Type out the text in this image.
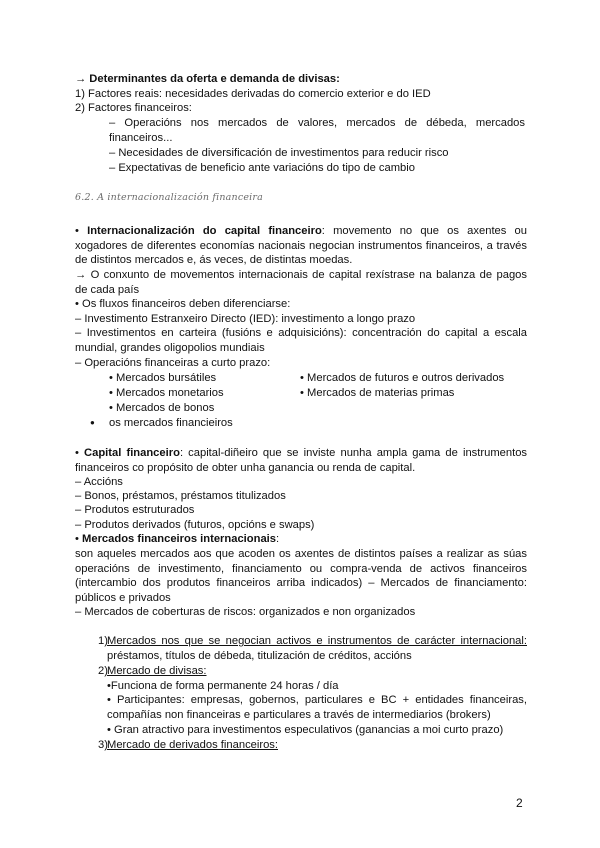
→ Determinantes da oferta e demanda de divisas:
1) Factores reais: necesidades derivadas do comercio exterior e do IED
2) Factores financeiros:
– Operacións nos mercados de valores, mercados de débeda, mercados financeiros...
– Necesidades de diversificación de investimentos para reducir risco
– Expectativas de beneficio ante variacións do tipo de cambio
6.2. A internacionalización financeira
• Internacionalización do capital financeiro: movemento no que os axentes ou xogadores de diferentes economías nacionais negocian instrumentos financeiros, a través de distintos mercados e, ás veces, de distintas moedas.
→ O conxunto de movementos internacionais de capital rexístrase na balanza de pagos de cada país
• Os fluxos financeiros deben diferenciarse:
– Investimento Estranxeiro Directo (IED): investimento a longo prazo
– Investimentos en carteira (fusións e adquisicións): concentración do capital a escala mundial, grandes oligopolios mundiais
– Operacións financeiras a curto prazo:
• Mercados bursátiles
• Mercados monetarios
• Mercados de bonos
• Mercados de futuros e outros derivados
• Mercados de materias primas
● os mercados financieiros
• Capital financeiro: capital-diñeiro que se inviste nunha ampla gama de instrumentos financeiros co propósito de obter unha ganancia ou renda de capital.
– Accións
– Bonos, préstamos, préstamos titulizados
– Produtos estruturados
– Produtos derivados (futuros, opcións e swaps)
• Mercados financeiros internacionais:
son aqueles mercados aos que acoden os axentes de distintos países a realizar as súas operacións de investimento, financiamento ou compra-venda de activos financeiros (intercambio dos produtos financeiros arriba indicados) – Mercados de financiamento: públicos e privados
– Mercados de coberturas de riscos: organizados e non organizados
1) Mercados nos que se negocian activos e instrumentos de carácter internacional: préstamos, títulos de débeda, titulización de créditos, accións
2) Mercado de divisas:
•Funciona de forma permanente 24 horas / día
• Participantes: empresas, gobernos, particulares e BC + entidades financeiras, compañías non financeiras e particulares a través de intermediarios (brokers)
• Gran atractivo para investimentos especulativos (ganancias a moi curto prazo)
3) Mercado de derivados financeiros:
2
